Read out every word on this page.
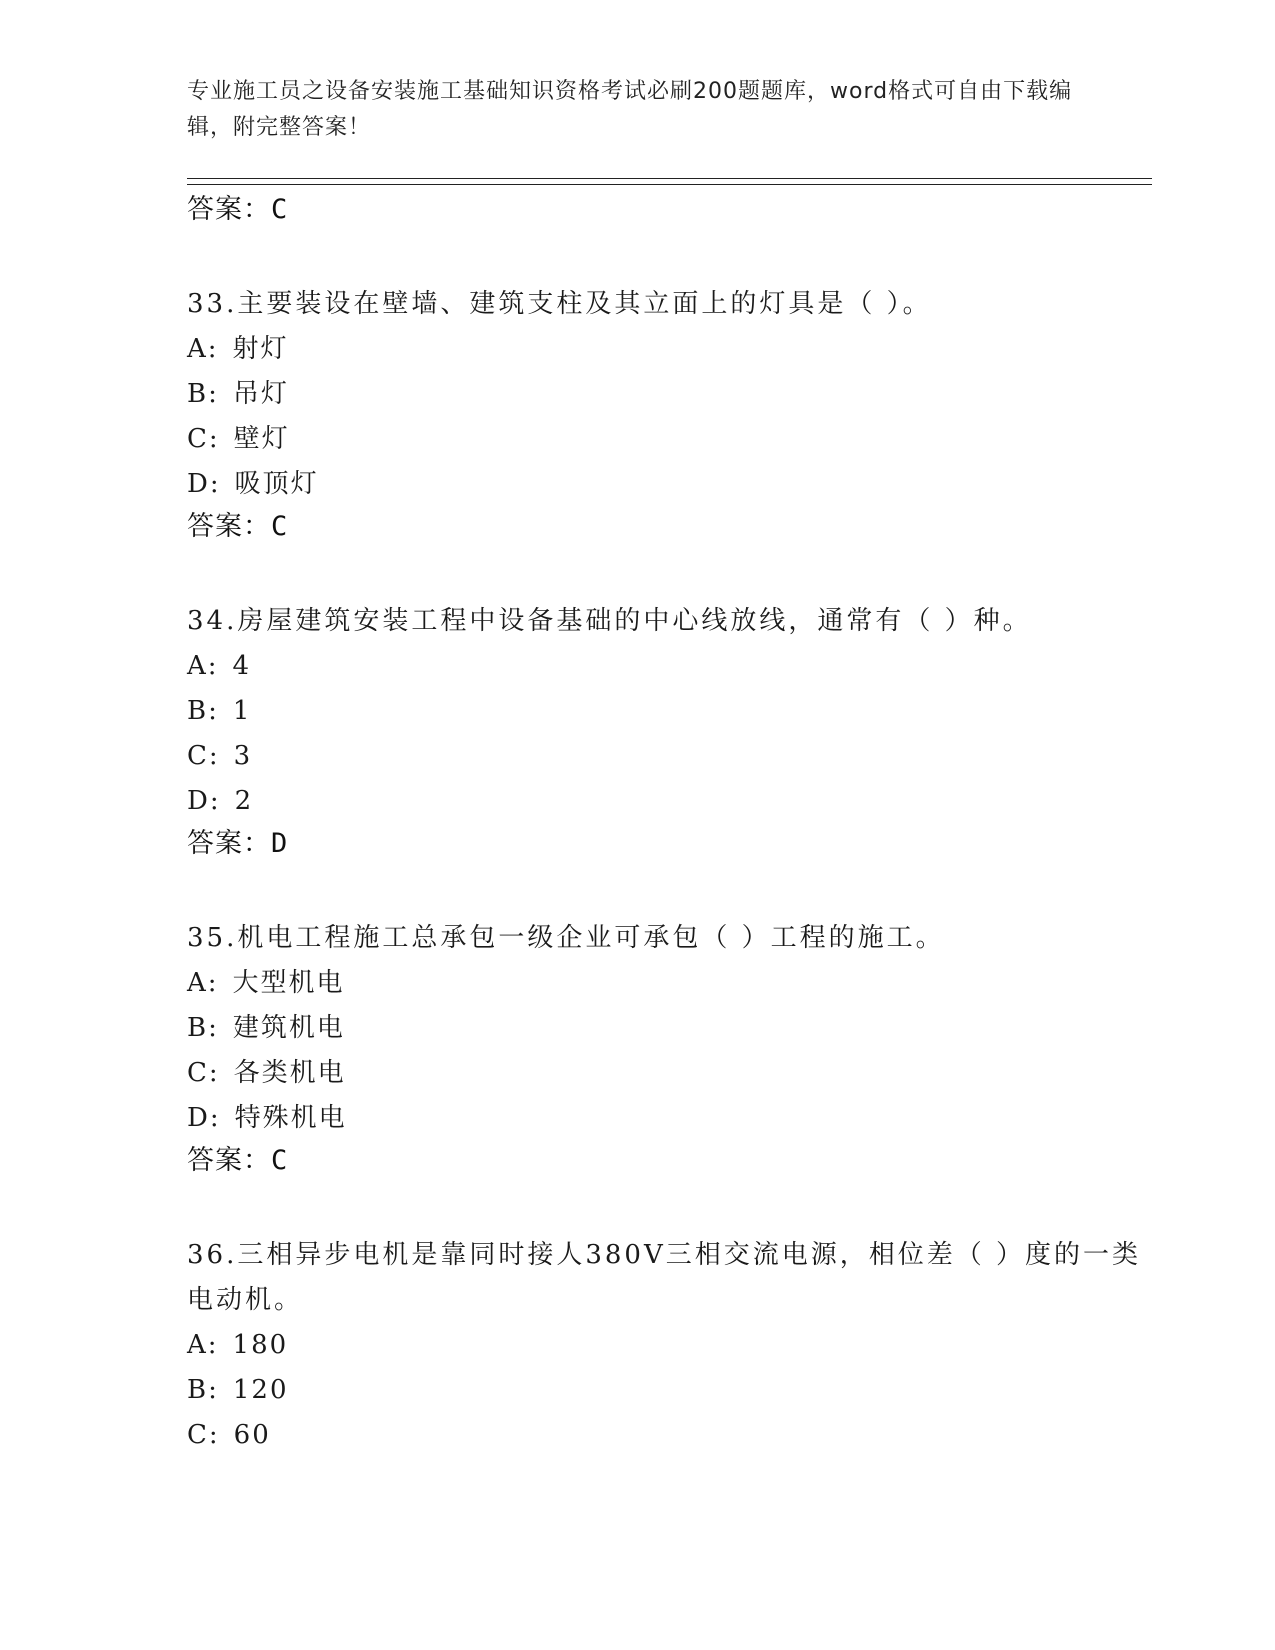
专业施工员之设备安装施工基础知识资格考试必刷200题题库，word格式可自由下载编辑，附完整答案！
答案：C
33.主要装设在壁墙、建筑支柱及其立面上的灯具是（ ）。
A: 射灯
B: 吊灯
C: 壁灯
D: 吸顶灯
答案：C
34.房屋建筑安装工程中设备基础的中心线放线，通常有（ ）种。
A: 4
B: 1
C: 3
D: 2
答案：D
35.机电工程施工总承包一级企业可承包（ ）工程的施工。
A: 大型机电
B: 建筑机电
C: 各类机电
D: 特殊机电
答案：C
36.三相异步电机是靠同时接人380V三相交流电源，相位差（ ）度的一类电动机。
A: 180
B: 120
C: 60
